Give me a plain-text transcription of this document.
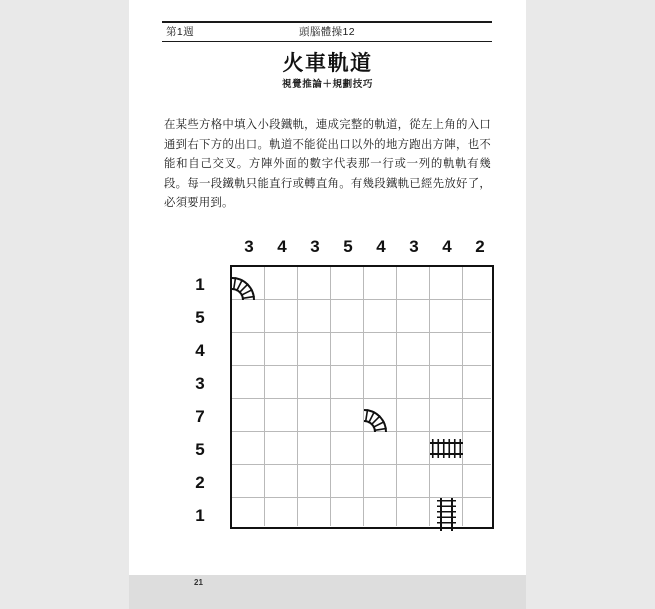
第1週	頭腦體操12
火車軌道
視覺推論＋規劃技巧
在某些方格中填入小段鐵軌，連成完整的軌道，從左上角的入口通到右下方的出口。軌道不能從出口以外的地方跑出方陣，也不能和自己交叉。方陣外面的數字代表那一行或一列的軌軌有幾段。每一段鐵軌只能直行或轉直角。有幾段鐵軌已經先放好了，必須要用到。
3	4	3	5	4	3	4	2
1
5
4
3
7
5
2
1
21
